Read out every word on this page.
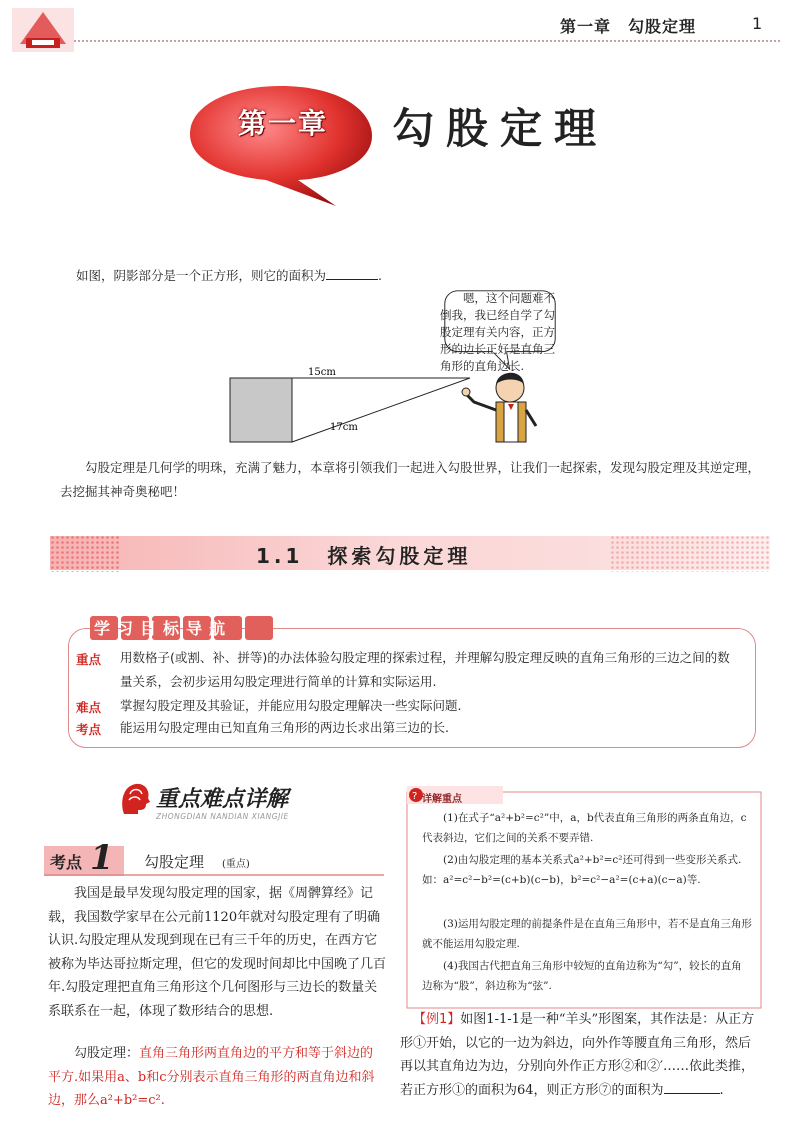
第一章　勾股定理	1
第一章 勾股定理
如图，阴影部分是一个正方形，则它的面积为	.
嗯，这个问题难不倒我，我已经自学了勾股定理有关内容，正方形的边长正好是直角三角形的直角边长.
15cm
17cm
勾股定理是几何学的明珠，充满了魅力，本章将引领我们一起进入勾股世界，让我们一起探索，发现勾股定理及其逆定理，去挖掘其神奇奥秘吧！
1.1　探索勾股定理
学习目标导航
重点	用数格子(或割、补、拼等)的办法体验勾股定理的探索过程，并理解勾股定理反映的直角三角形的三边之间的数量关系，会初步运用勾股定理进行简单的计算和实际运用.
难点	掌握勾股定理及其验证，并能应用勾股定理解决一些实际问题.
考点	能运用勾股定理由已知直角三角形的两边长求出第三边的长.
重点难点详解
ZHONGDIAN NANDIAN XIANGJIE
考点 1 勾股定理 (重点)
我国是最早发现勾股定理的国家，据《周髀算经》记载，我国数学家早在公元前1120年就对勾股定理有了明确认识.勾股定理从发现到现在已有三千年的历史，在西方它被称为毕达哥拉斯定理，但它的发现时间却比中国晚了几百年.勾股定理把直角三角形这个几何图形与三边长的数量关系联系在一起，体现了数形结合的思想.
勾股定理：直角三角形两直角边的平方和等于斜边的平方.如果用a、b和c分别表示直角三角形的两直角边和斜边，那么a²+b²=c².
? 详解重点
(1)在式子“a²+b²=c²”中，a，b代表直角三角形的两条直角边，c代表斜边，它们之间的关系不要弄错.
(2)由勾股定理的基本关系式a²+b²=c²还可得到一些变形关系式.如：a²=c²−b²=(c+b)(c−b)，b²=c²−a²=(c+a)(c−a)等.
(3)运用勾股定理的前提条件是在直角三角形中，若不是直角三角形就不能运用勾股定理.
(4)我国古代把直角三角形中较短的直角边称为“勾”，较长的直角边称为“股”，斜边称为“弦”.
【例1】如图1-1-1是一种“羊头”形图案，其作法是：从正方形①开始，以它的一边为斜边，向外作等腰直角三角形，然后再以其直角边为边，分别向外作正方形②和②′……依此类推，若正方形①的面积为64，则正方形⑦的面积为	.
